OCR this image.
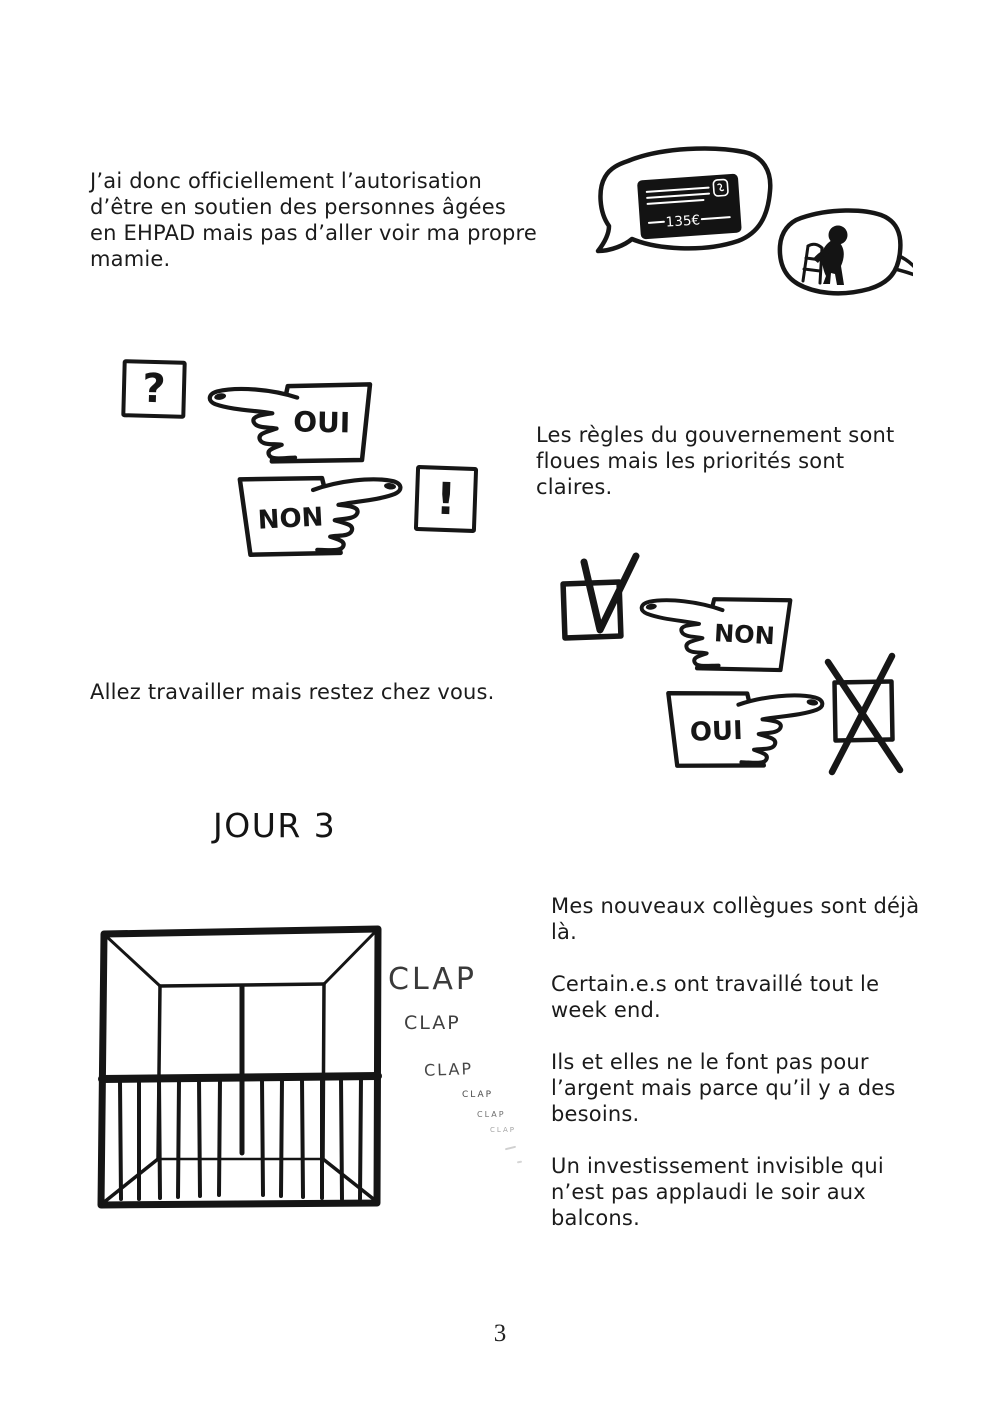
J’ai donc officiellement l’autorisation
d’être en soutien des personnes âgées
en EHPAD mais pas d’aller voir ma propre
mamie.
135€
?
OUI
NON	!
Les règles du gouvernement sont
floues mais les priorités sont
claires.
NON
OUI
Allez travailler mais restez chez vous.
JOUR 3
CLAP
CLAP
CLAP
CLAP
CLAP
CLAP

Mes nouveaux collègues sont déjà
là.

Certain.e.s ont travaillé tout le
week end.

Ils et elles ne le font pas pour
l’argent mais parce qu’il y a des
besoins.

Un investissement invisible qui
n’est pas applaudi le soir aux
balcons.

3
